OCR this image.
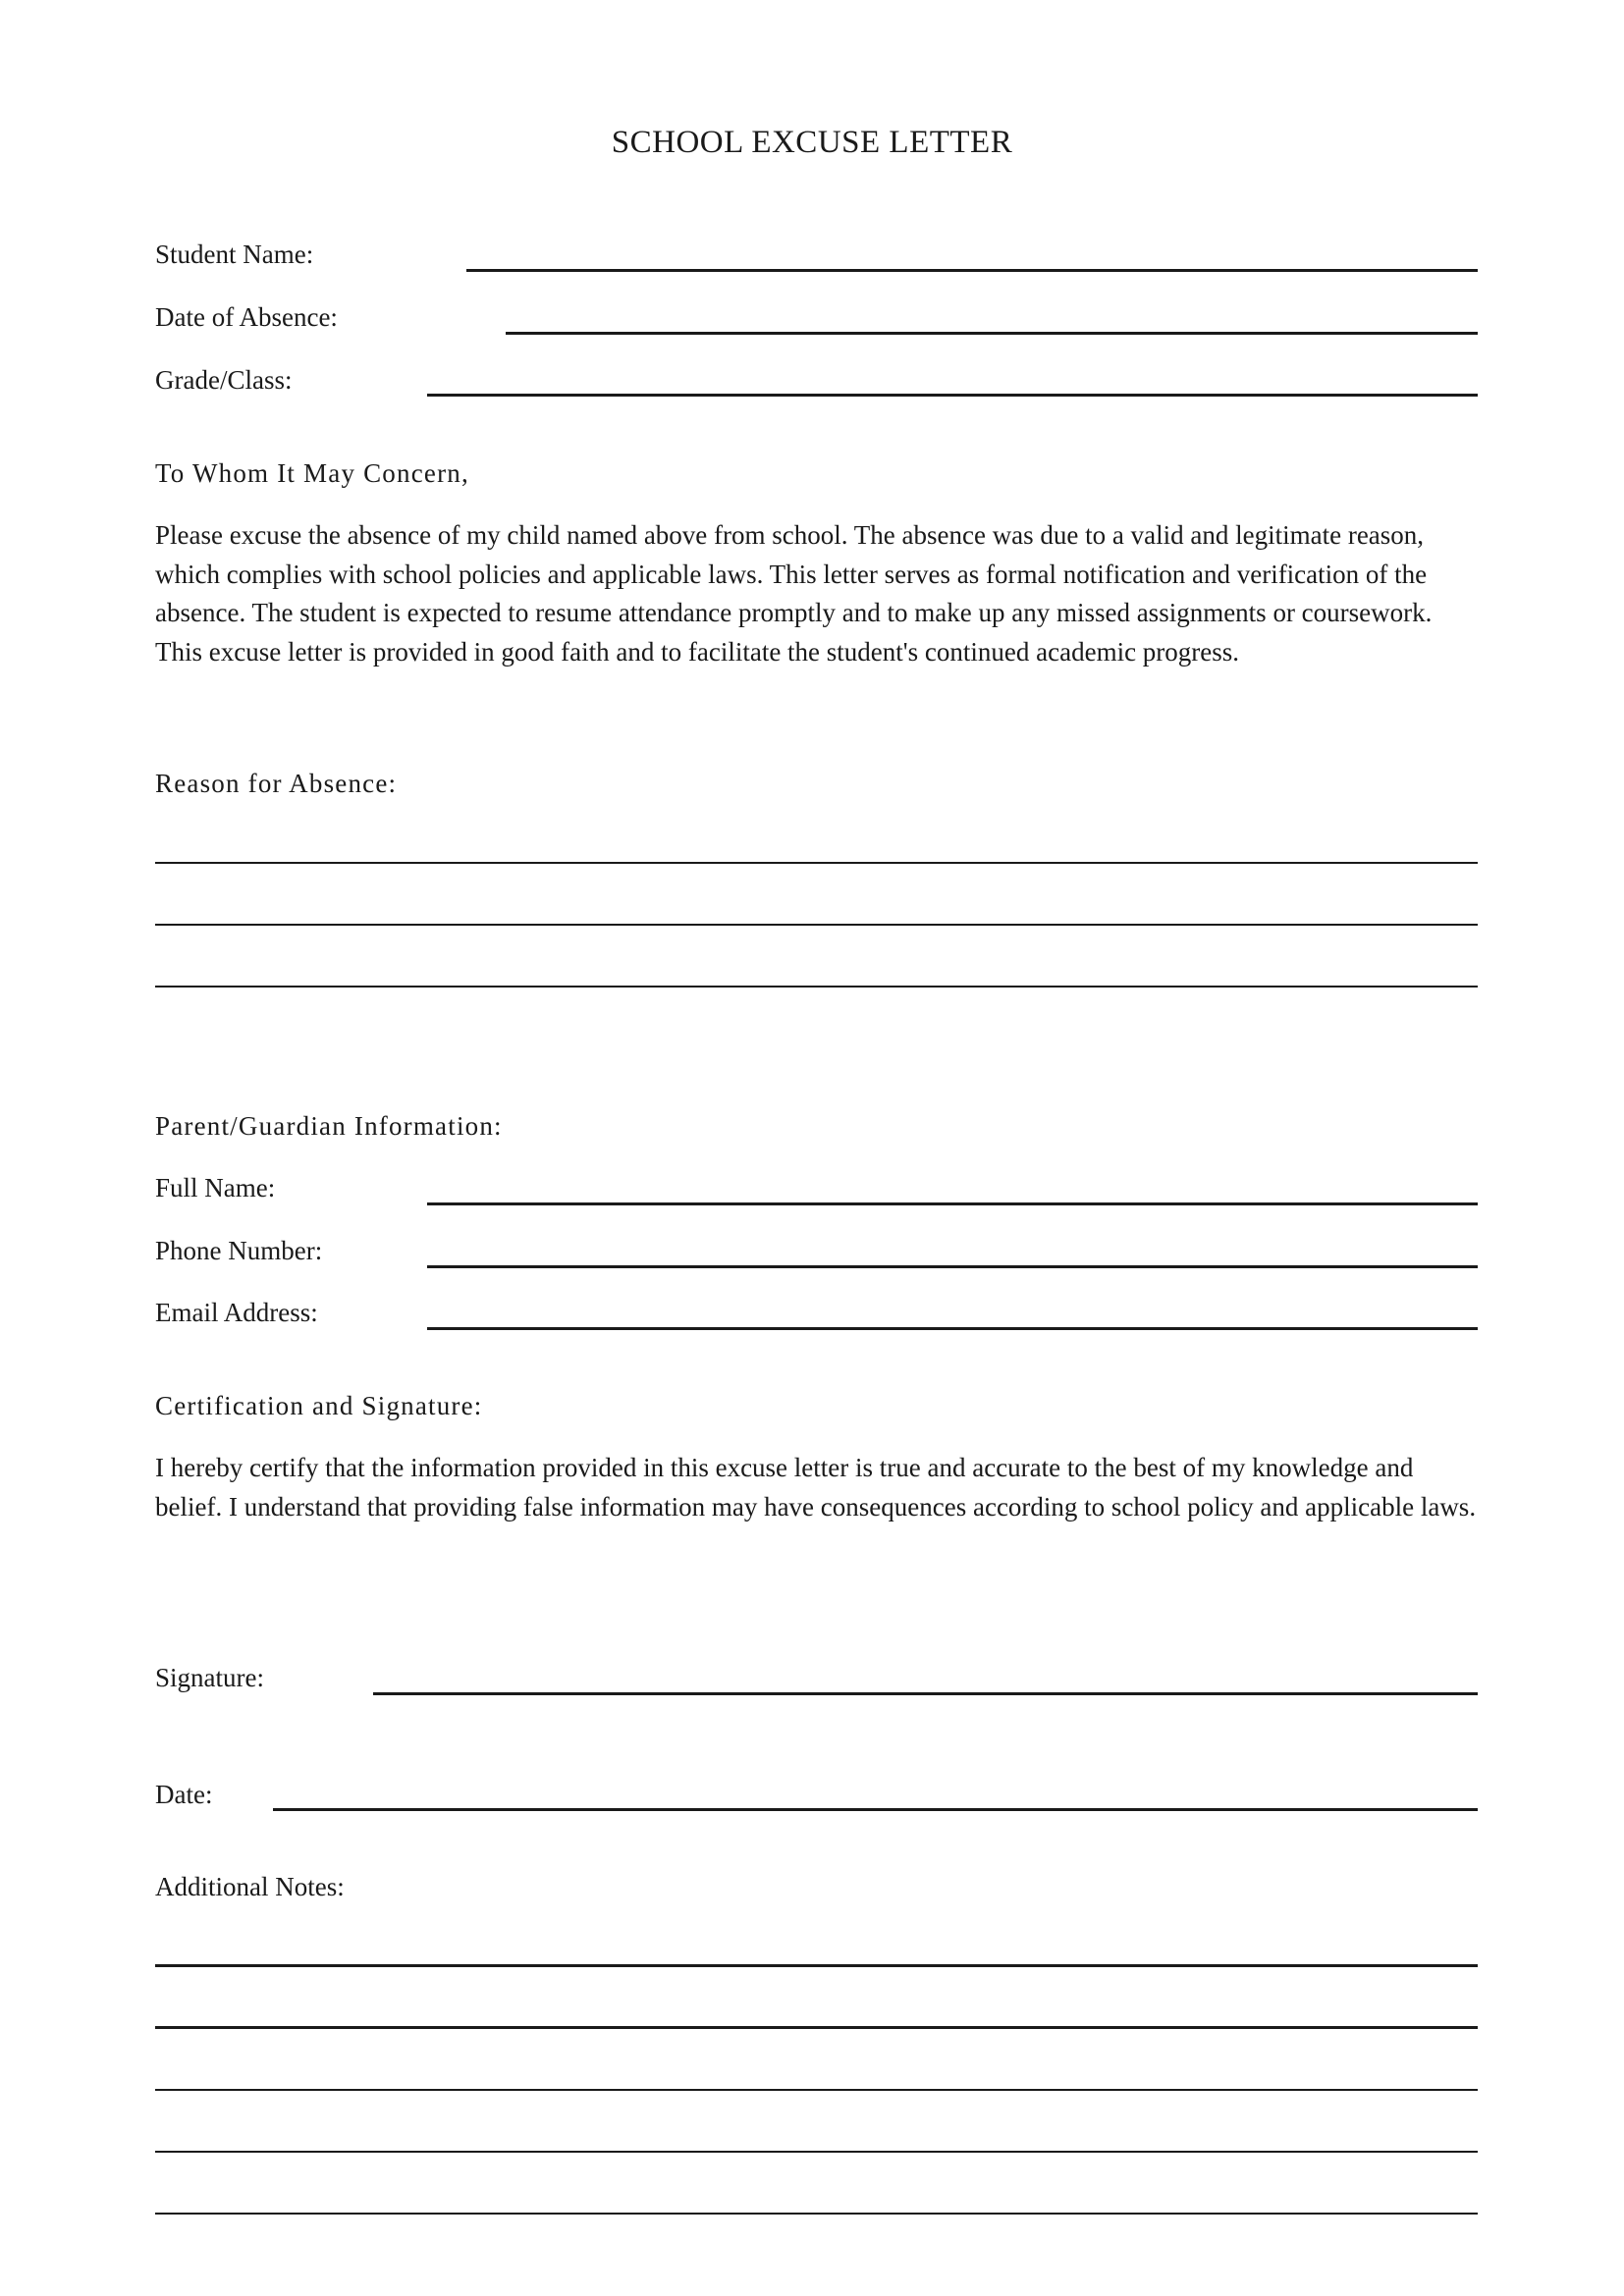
SCHOOL EXCUSE LETTER
Student Name:
Date of Absence:
Grade/Class:
To Whom It May Concern,
Please excuse the absence of my child named above from school. The absence was due to a valid and legitimate reason, which complies with school policies and applicable laws. This letter serves as formal notification and verification of the absence. The student is expected to resume attendance promptly and to make up any missed assignments or coursework. This excuse letter is provided in good faith and to facilitate the student's continued academic progress.
Reason for Absence:
Parent/Guardian Information:
Full Name:
Phone Number:
Email Address:
Certification and Signature:
I hereby certify that the information provided in this excuse letter is true and accurate to the best of my knowledge and belief. I understand that providing false information may have consequences according to school policy and applicable laws.
Signature:
Date:
Additional Notes:
